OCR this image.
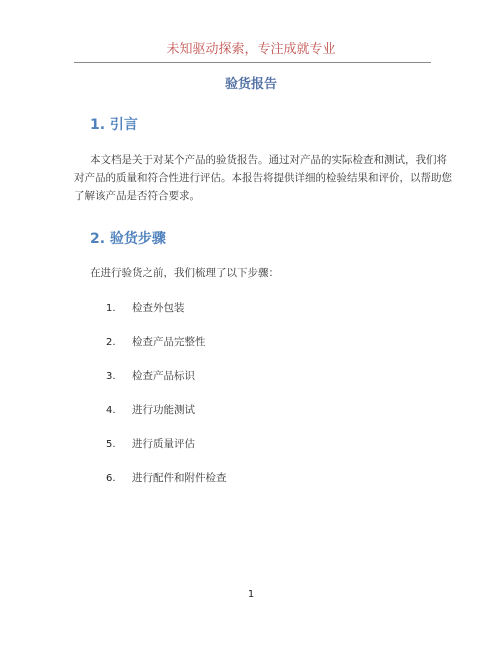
未知驱动探索，专注成就专业
验货报告
1. 引言
本文档是关于对某个产品的验货报告。通过对产品的实际检查和测试，我们将
对产品的质量和符合性进行评估。本报告将提供详细的检验结果和评价，以帮助您
了解该产品是否符合要求。
2. 验货步骤
在进行验货之前，我们梳理了以下步骤：
1. 检查外包装
2. 检查产品完整性
3. 检查产品标识
4. 进行功能测试
5. 进行质量评估
6. 进行配件和附件检查
1
